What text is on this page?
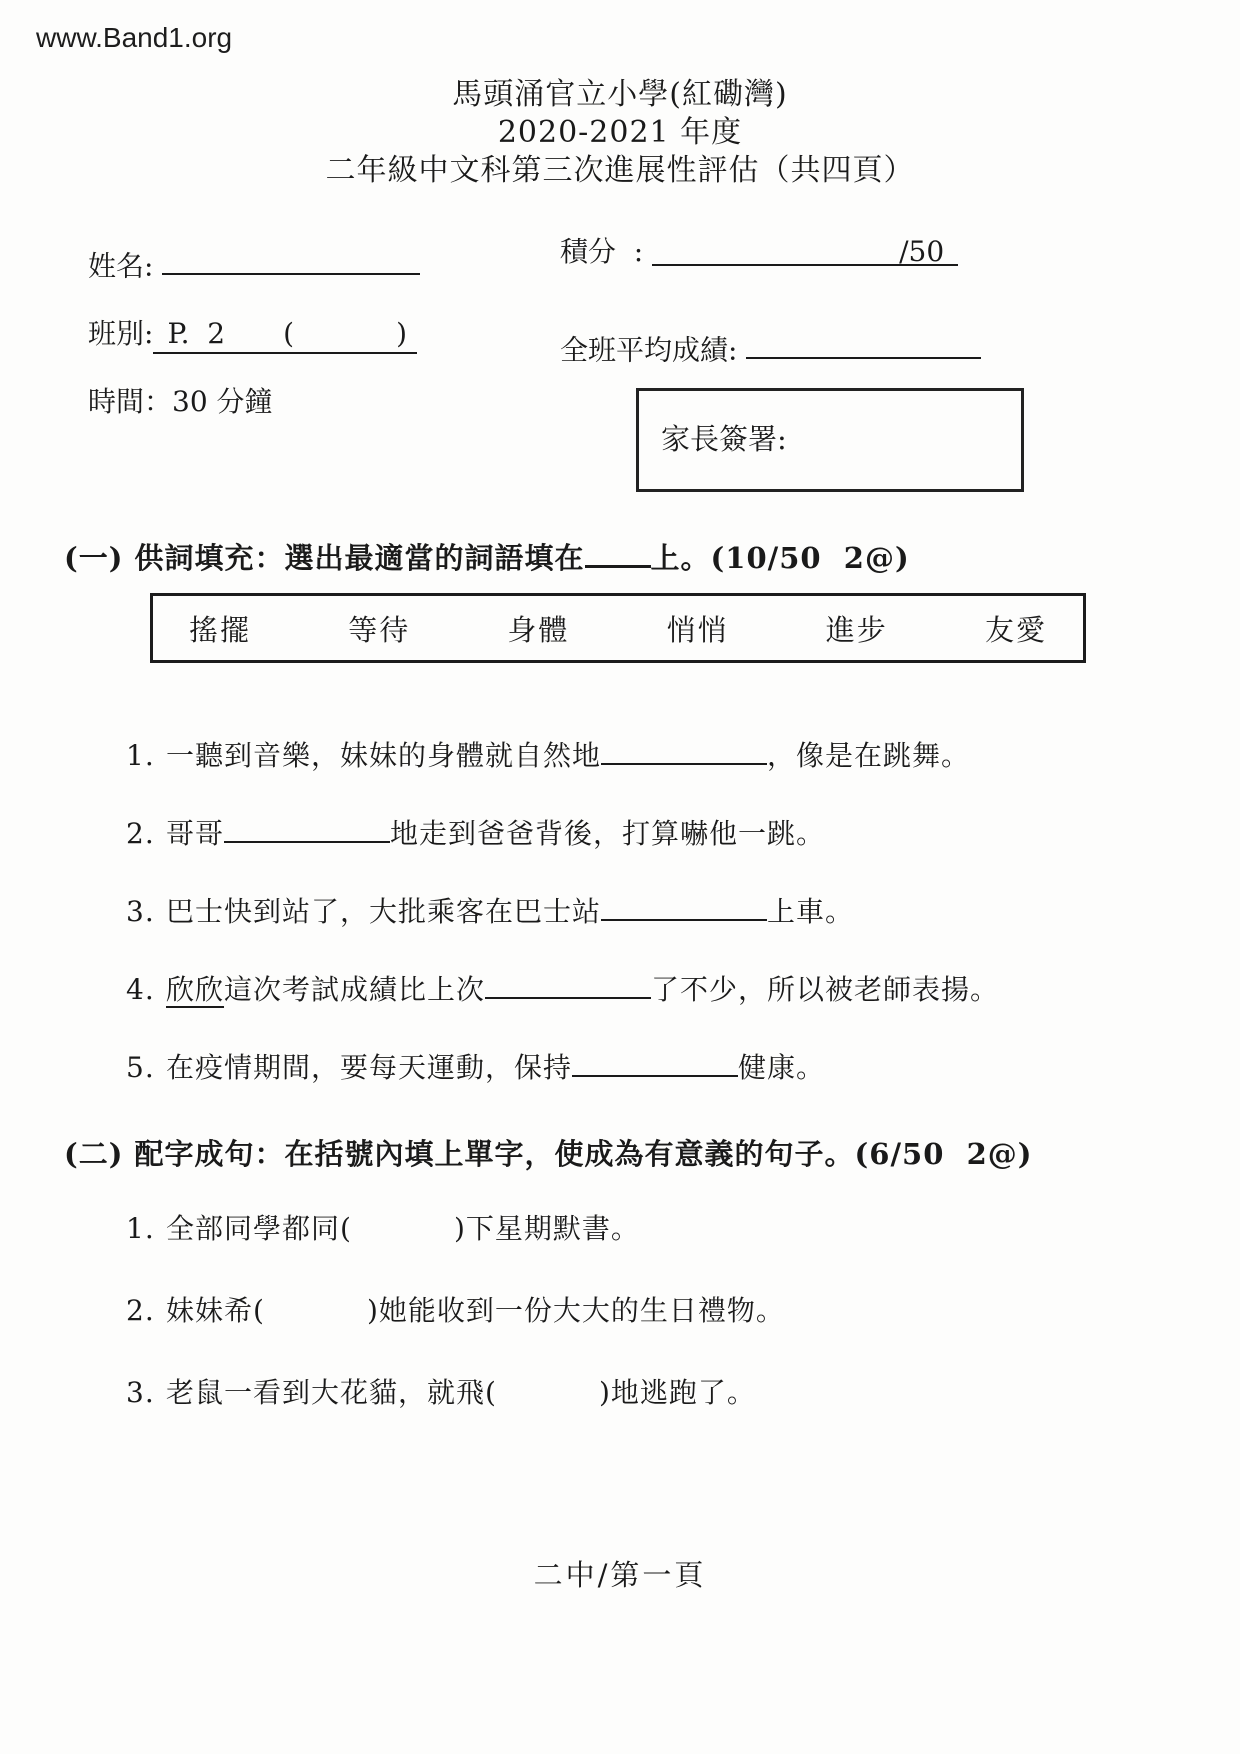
www.Band1.org
馬頭涌官立小學(紅磡灣)
2020-2021 年度
二年級中文科第三次進展性評估（共四頁）
姓名:
班別: P.  2 (	)
時間：30 分鐘
積分  :	/50
全班平均成績:
家長簽署:
(一) 供詞填充：選出最適當的詞語填在 上。(10/50  2@)
搖擺	等待	身體	悄悄	進步	友愛
1. 一聽到音樂，妹妹的身體就自然地	，像是在跳舞。
2. 哥哥	地走到爸爸背後，打算嚇他一跳。
3. 巴士快到站了，大批乘客在巴士站	上車。
4. 欣欣這次考試成績比上次	了不少，所以被老師表揚。
5. 在疫情期間，要每天運動，保持	健康。
(二) 配字成句：在括號內填上單字，使成為有意義的句子。(6/50  2@)
1. 全部同學都同(	)下星期默書。
2. 妹妹希(	)她能收到一份大大的生日禮物。
3. 老鼠一看到大花貓，就飛(	)地逃跑了。
二中/第一頁
